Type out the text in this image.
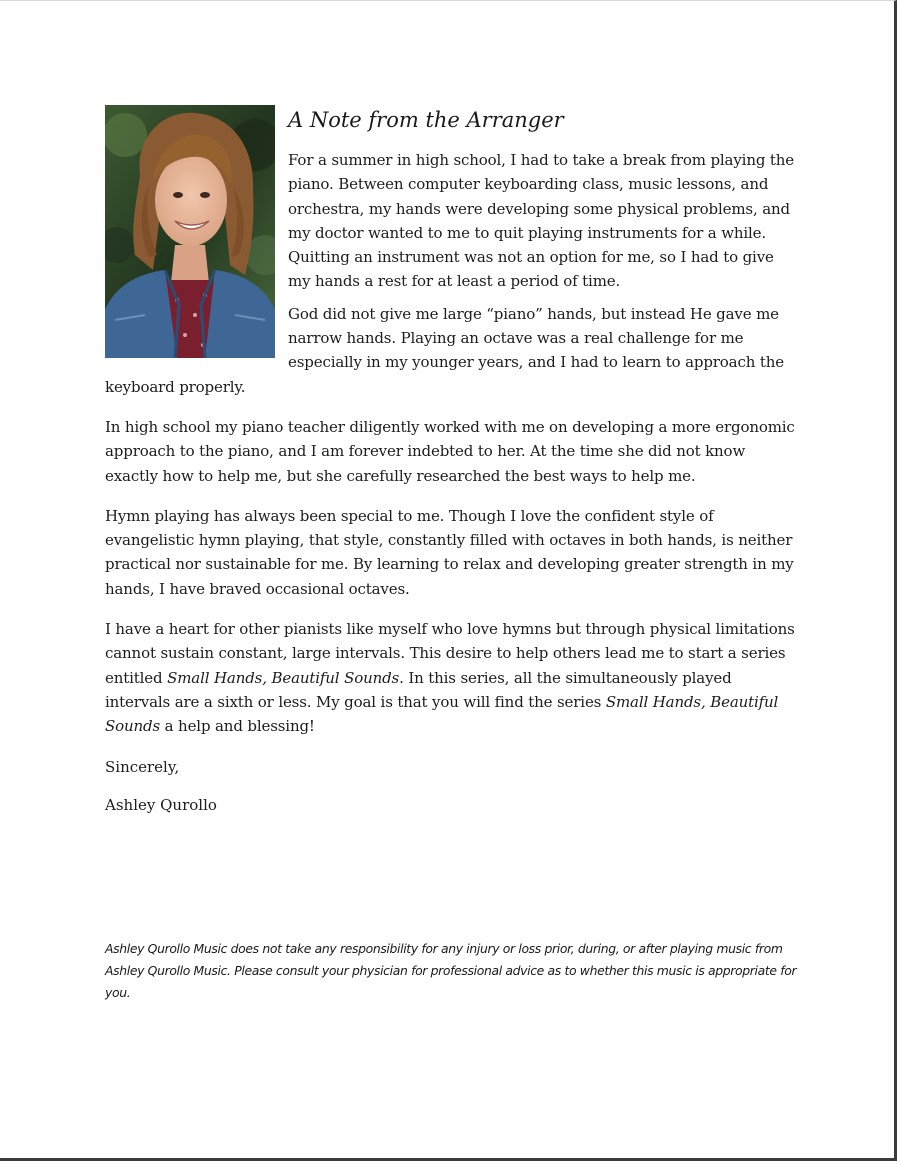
A Note from the Arranger

For a summer in high school, I had to take a break from playing the piano. Between computer keyboarding class, music lessons, and orchestra, my hands were developing some physical problems, and my doctor wanted to me to quit playing instruments for a while. Quitting an instrument was not an option for me, so I had to give my hands a rest for at least a period of time.

God did not give me large “piano” hands, but instead He gave me narrow hands. Playing an octave was a real challenge for me especially in my younger years, and I had to learn to approach the keyboard properly.

In high school my piano teacher diligently worked with me on developing a more ergonomic approach to the piano, and I am forever indebted to her. At the time she did not know exactly how to help me, but she carefully researched the best ways to help me.

Hymn playing has always been special to me. Though I love the confident style of evangelistic hymn playing, that style, constantly filled with octaves in both hands, is neither practical nor sustainable for me. By learning to relax and developing greater strength in my hands, I have braved occasional octaves.

I have a heart for other pianists like myself who love hymns but through physical limitations cannot sustain constant, large intervals. This desire to help others lead me to start a series entitled Small Hands, Beautiful Sounds. In this series, all the simultaneously played intervals are a sixth or less. My goal is that you will find the series Small Hands, Beautiful Sounds a help and blessing!

Sincerely,

Ashley Qurollo

Ashley Qurollo Music does not take any responsibility for any injury or loss prior, during, or after playing music from Ashley Qurollo Music. Please consult your physician for professional advice as to whether this music is appropriate for you.
